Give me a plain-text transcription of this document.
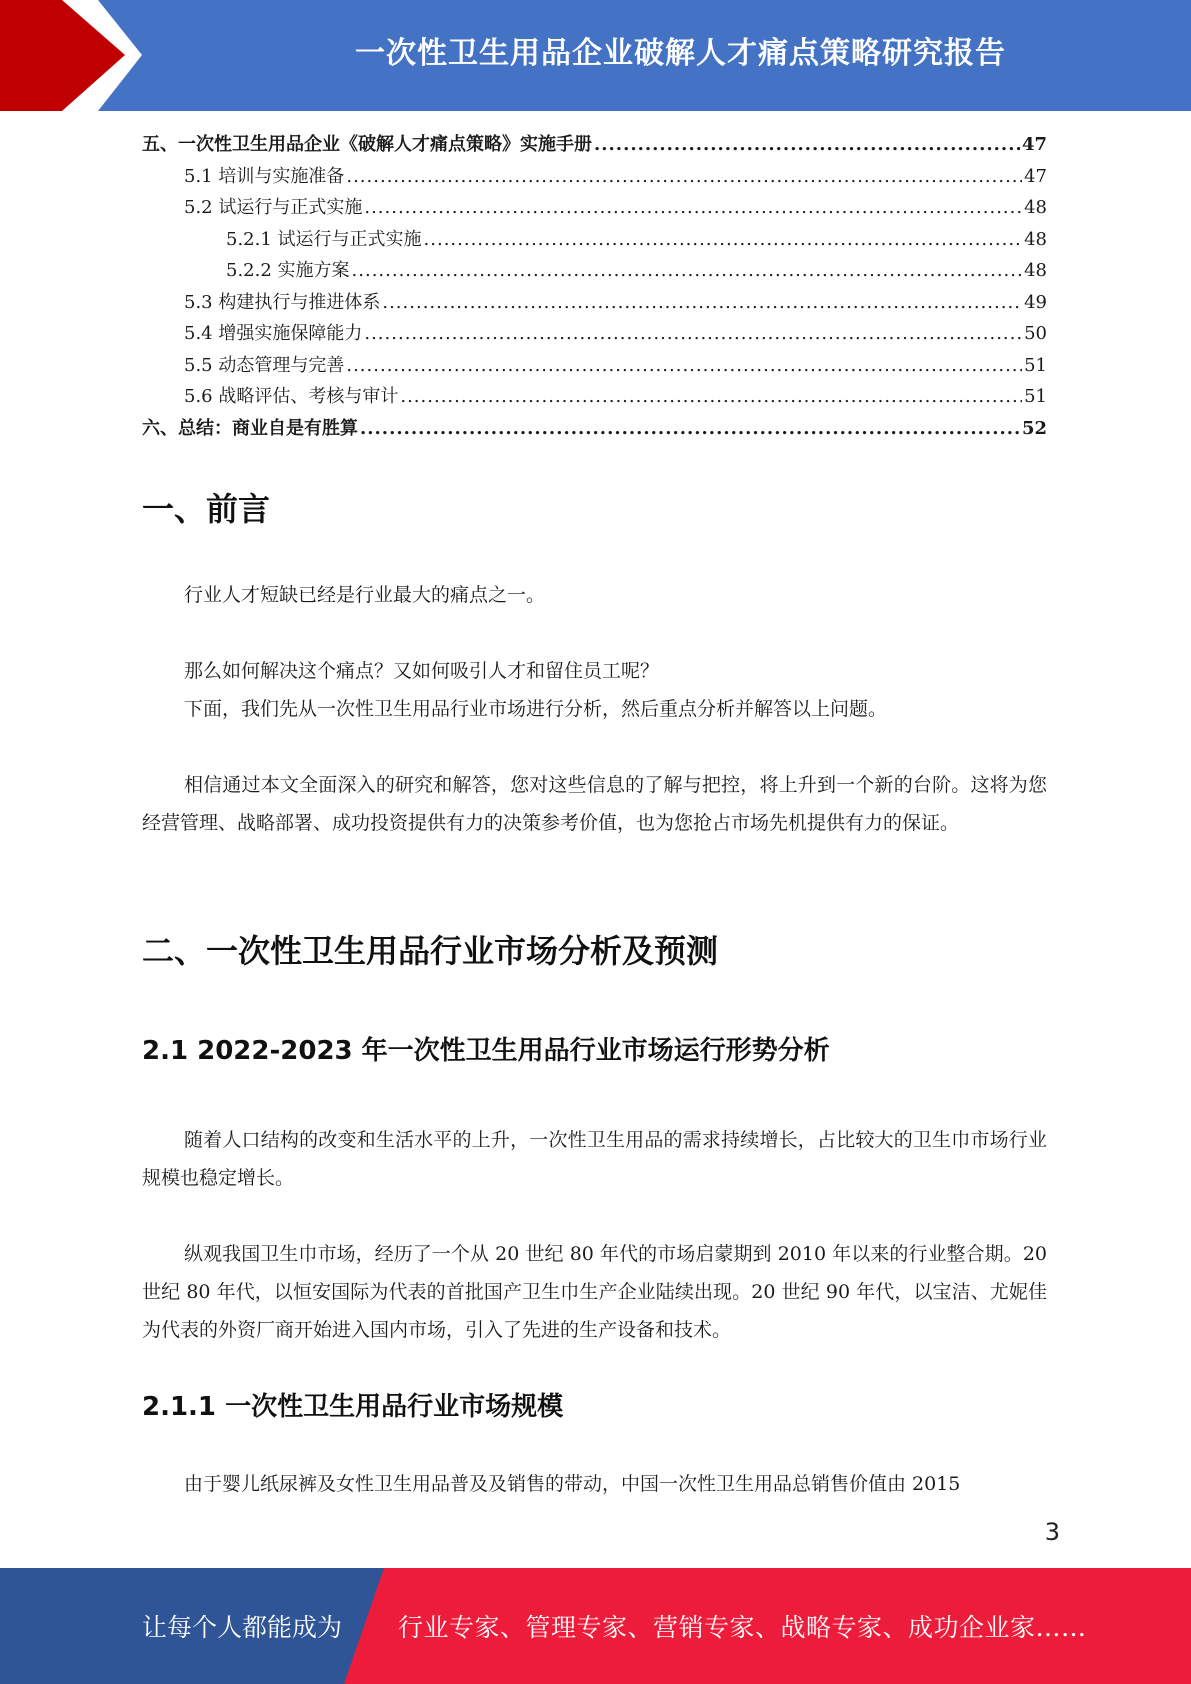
一次性卫生用品企业破解人才痛点策略研究报告
五、一次性卫生用品企业《破解人才痛点策略》实施手册 .....	47
5.1 培训与实施准备 .....	47
5.2 试运行与正式实施 .....	48
5.2.1 试运行与正式实施 .....	48
5.2.2 实施方案 .....	48
5.3 构建执行与推进体系 .....	49
5.4 增强实施保障能力 .....	50
5.5 动态管理与完善 .....	51
5.6 战略评估、考核与审计 .....	51
六、总结：商业自是有胜算 .....	52
一、前言

行业人才短缺已经是行业最大的痛点之一。

那么如何解决这个痛点？又如何吸引人才和留住员工呢？

下面，我们先从一次性卫生用品行业市场进行分析，然后重点分析并解答以上问题。

相信通过本文全面深入的研究和解答，您对这些信息的了解与把控，将上升到一个新的台阶。这将为您经营管理、战略部署、成功投资提供有力的决策参考价值，也为您抢占市场先机提供有力的保证。

二、一次性卫生用品行业市场分析及预测
2.1 2022-2023 年一次性卫生用品行业市场运行形势分析

随着人口结构的改变和生活水平的上升，一次性卫生用品的需求持续增长，占比较大的卫生巾市场行业规模也稳定增长。

纵观我国卫生巾市场，经历了一个从 20 世纪 80 年代的市场启蒙期到 2010 年以来的行业整合期。20 世纪 80 年代，以恒安国际为代表的首批国产卫生巾生产企业陆续出现。20 世纪 90 年代，以宝洁、尤妮佳为代表的外资厂商开始进入国内市场，引入了先进的生产设备和技术。

2.1.1 一次性卫生用品行业市场规模

由于婴儿纸尿裤及女性卫生用品普及及销售的带动，中国一次性卫生用品总销售价值由 2015

3
让每个人都能成为 行业专家、管理专家、营销专家、战略专家、成功企业家……
